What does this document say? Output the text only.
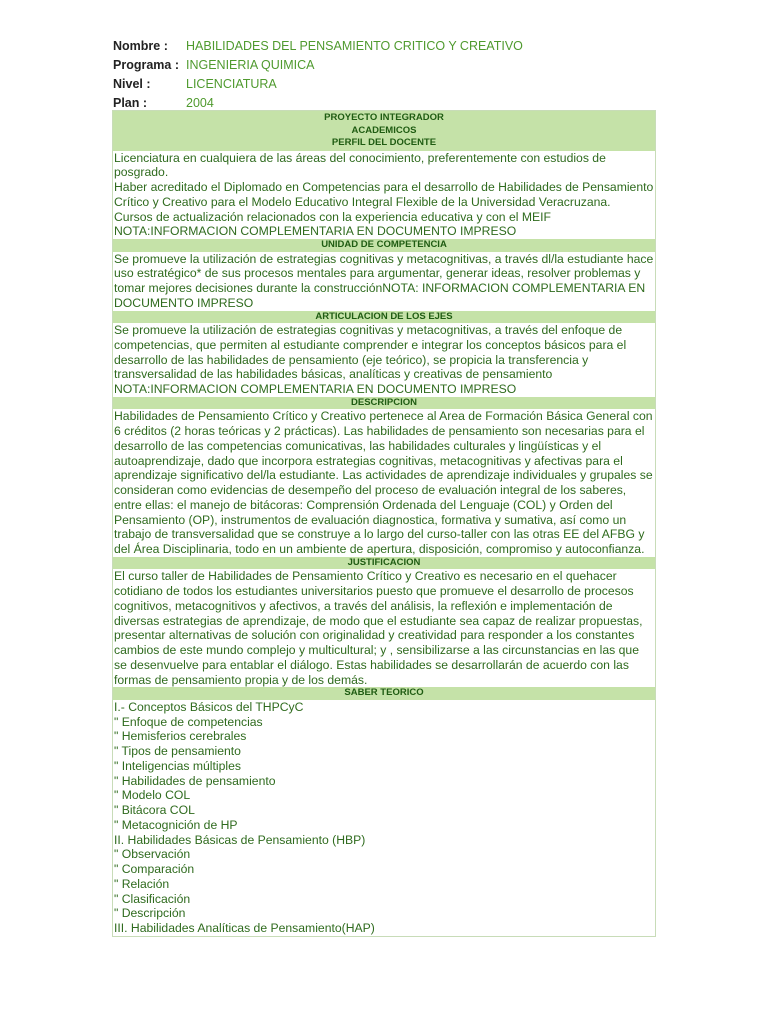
Nombre :	HABILIDADES DEL PENSAMIENTO CRITICO Y CREATIVO
Programa : INGENIERIA QUIMICA
Nivel :	LICENCIATURA
Plan :	2004
PROYECTO INTEGRADOR
ACADEMICOS
PERFIL DEL DOCENTE
Licenciatura en cualquiera de las áreas del conocimiento, preferentemente con estudios de posgrado.
Haber acreditado el Diplomado en Competencias para el desarrollo de Habilidades de Pensamiento Crítico y Creativo para el Modelo Educativo Integral Flexible de la Universidad Veracruzana.
Cursos de actualización relacionados con la experiencia educativa y con el MEIF
NOTA:INFORMACION COMPLEMENTARIA EN DOCUMENTO IMPRESO
UNIDAD DE COMPETENCIA
Se promueve la utilización de estrategias cognitivas y metacognitivas, a través dl/la estudiante hace uso estratégico* de sus procesos mentales para argumentar, generar ideas, resolver problemas y tomar mejores decisiones durante la construcciónNOTA: INFORMACION COMPLEMENTARIA EN DOCUMENTO IMPRESO
ARTICULACION DE LOS EJES
Se promueve la utilización de estrategias cognitivas y metacognitivas, a través del enfoque de competencias, que permiten al estudiante comprender e integrar los conceptos básicos para el desarrollo de las habilidades de pensamiento (eje teórico), se propicia la transferencia y transversalidad de las habilidades básicas, analíticas y creativas de pensamiento
NOTA:INFORMACION COMPLEMENTARIA EN DOCUMENTO IMPRESO
DESCRIPCION
Habilidades de Pensamiento Crítico y Creativo pertenece al Area de Formación Básica General con 6 créditos (2 horas teóricas y 2 prácticas). Las habilidades de pensamiento son necesarias para el desarrollo de las competencias comunicativas, las habilidades culturales y lingüísticas y el autoaprendizaje, dado que incorpora estrategias cognitivas, metacognitivas y afectivas para el aprendizaje significativo del/la estudiante. Las actividades de aprendizaje individuales y grupales se consideran como evidencias de desempeño del proceso de evaluación integral de los saberes, entre ellas: el manejo de bitácoras: Comprensión Ordenada del Lenguaje (COL) y Orden del Pensamiento (OP), instrumentos de evaluación diagnostica, formativa y sumativa, así como un trabajo de transversalidad que se construye a lo largo del curso-taller con las otras EE del AFBG y del Área Disciplinaria, todo en un ambiente de apertura, disposición, compromiso y autoconfianza.
JUSTIFICACION
El curso taller de Habilidades de Pensamiento Crítico y Creativo es necesario en el quehacer cotidiano de todos los estudiantes universitarios puesto que promueve el desarrollo de procesos cognitivos, metacognitivos y afectivos, a través del análisis, la reflexión e implementación de diversas estrategias de aprendizaje, de modo que el estudiante sea capaz de realizar propuestas, presentar alternativas de solución con originalidad y creatividad para responder a los constantes cambios de este mundo complejo y multicultural; y , sensibilizarse a las circunstancias en las que se desenvuelve para entablar el diálogo. Estas habilidades se desarrollarán de acuerdo con las formas de pensamiento propia y de los demás.
SABER TEORICO
I.- Conceptos Básicos del THPCyC
" Enfoque de competencias
" Hemisferios cerebrales
" Tipos de pensamiento
" Inteligencias múltiples
" Habilidades de pensamiento
" Modelo COL
" Bitácora COL
" Metacognición de HP
II. Habilidades Básicas de Pensamiento (HBP)
" Observación
" Comparación
" Relación
" Clasificación
" Descripción
III. Habilidades Analíticas de Pensamiento(HAP)
